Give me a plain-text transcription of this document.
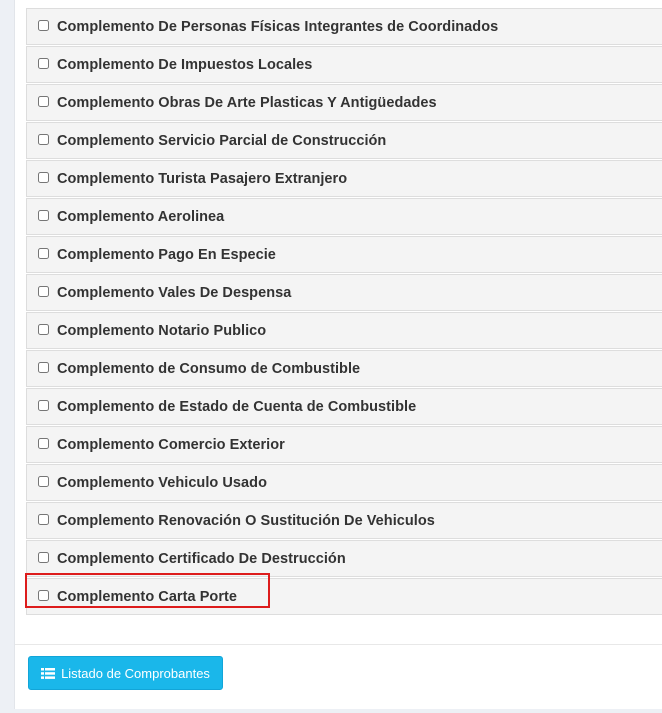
Complemento De Personas Físicas Integrantes de Coordinados
Complemento De Impuestos Locales
Complemento Obras De Arte Plasticas Y Antigüedades
Complemento Servicio Parcial de Construcción
Complemento Turista Pasajero Extranjero
Complemento Aerolinea
Complemento Pago En Especie
Complemento Vales De Despensa
Complemento Notario Publico
Complemento de Consumo de Combustible
Complemento de Estado de Cuenta de Combustible
Complemento Comercio Exterior
Complemento Vehiculo Usado
Complemento Renovación O Sustitución De Vehiculos
Complemento Certificado De Destrucción
Complemento Carta Porte
Listado de Comprobantes
